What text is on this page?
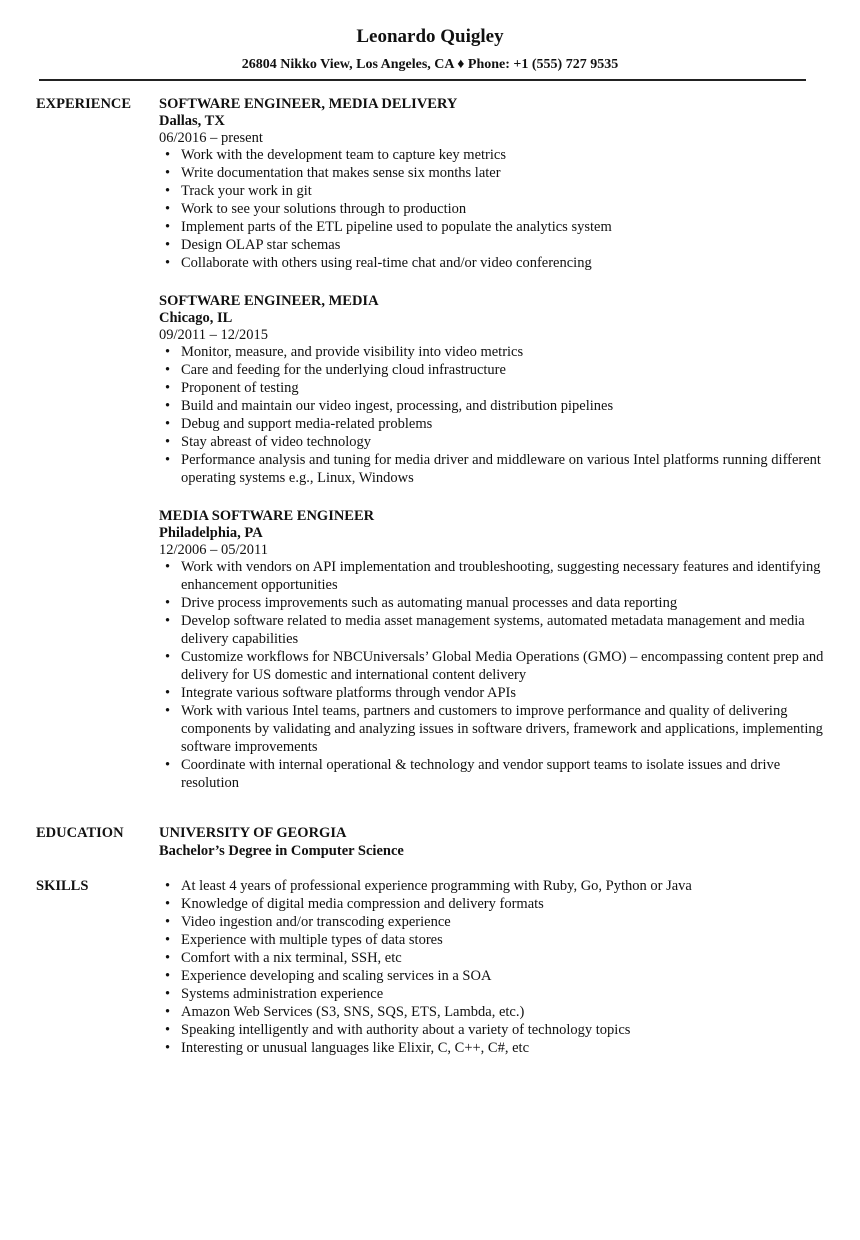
Leonardo Quigley
26804 Nikko View, Los Angeles, CA ♦ Phone: +1 (555) 727 9535
EXPERIENCE	SOFTWARE ENGINEER, MEDIA DELIVERY
Dallas, TX
06/2016 – present
• Work with the development team to capture key metrics
• Write documentation that makes sense six months later
• Track your work in git
• Work to see your solutions through to production
• Implement parts of the ETL pipeline used to populate the analytics system
• Design OLAP star schemas
• Collaborate with others using real-time chat and/or video conferencing
SOFTWARE ENGINEER, MEDIA
Chicago, IL
09/2011 – 12/2015
• Monitor, measure, and provide visibility into video metrics
• Care and feeding for the underlying cloud infrastructure
• Proponent of testing
• Build and maintain our video ingest, processing, and distribution pipelines
• Debug and support media-related problems
• Stay abreast of video technology
• Performance analysis and tuning for media driver and middleware on various Intel platforms running different operating systems e.g., Linux, Windows
MEDIA SOFTWARE ENGINEER
Philadelphia, PA
12/2006 – 05/2011
• Work with vendors on API implementation and troubleshooting, suggesting necessary features and identifying enhancement opportunities
• Drive process improvements such as automating manual processes and data reporting
• Develop software related to media asset management systems, automated metadata management and media delivery capabilities
• Customize workflows for NBCUniversals’ Global Media Operations (GMO) – encompassing content prep and delivery for US domestic and international content delivery
• Integrate various software platforms through vendor APIs
• Work with various Intel teams, partners and customers to improve performance and quality of delivering components by validating and analyzing issues in software drivers, framework and applications, implementing software improvements
• Coordinate with internal operational & technology and vendor support teams to isolate issues and drive resolution
EDUCATION	UNIVERSITY OF GEORGIA
Bachelor’s Degree in Computer Science
SKILLS
•	At least 4 years of professional experience programming with Ruby, Go, Python or Java
• Knowledge of digital media compression and delivery formats
• Video ingestion and/or transcoding experience
• Experience with multiple types of data stores
• Comfort with a nix terminal, SSH, etc
• Experience developing and scaling services in a SOA
• Systems administration experience
• Amazon Web Services (S3, SNS, SQS, ETS, Lambda, etc.)
• Speaking intelligently and with authority about a variety of technology topics
• Interesting or unusual languages like Elixir, C, C++, C#, etc
